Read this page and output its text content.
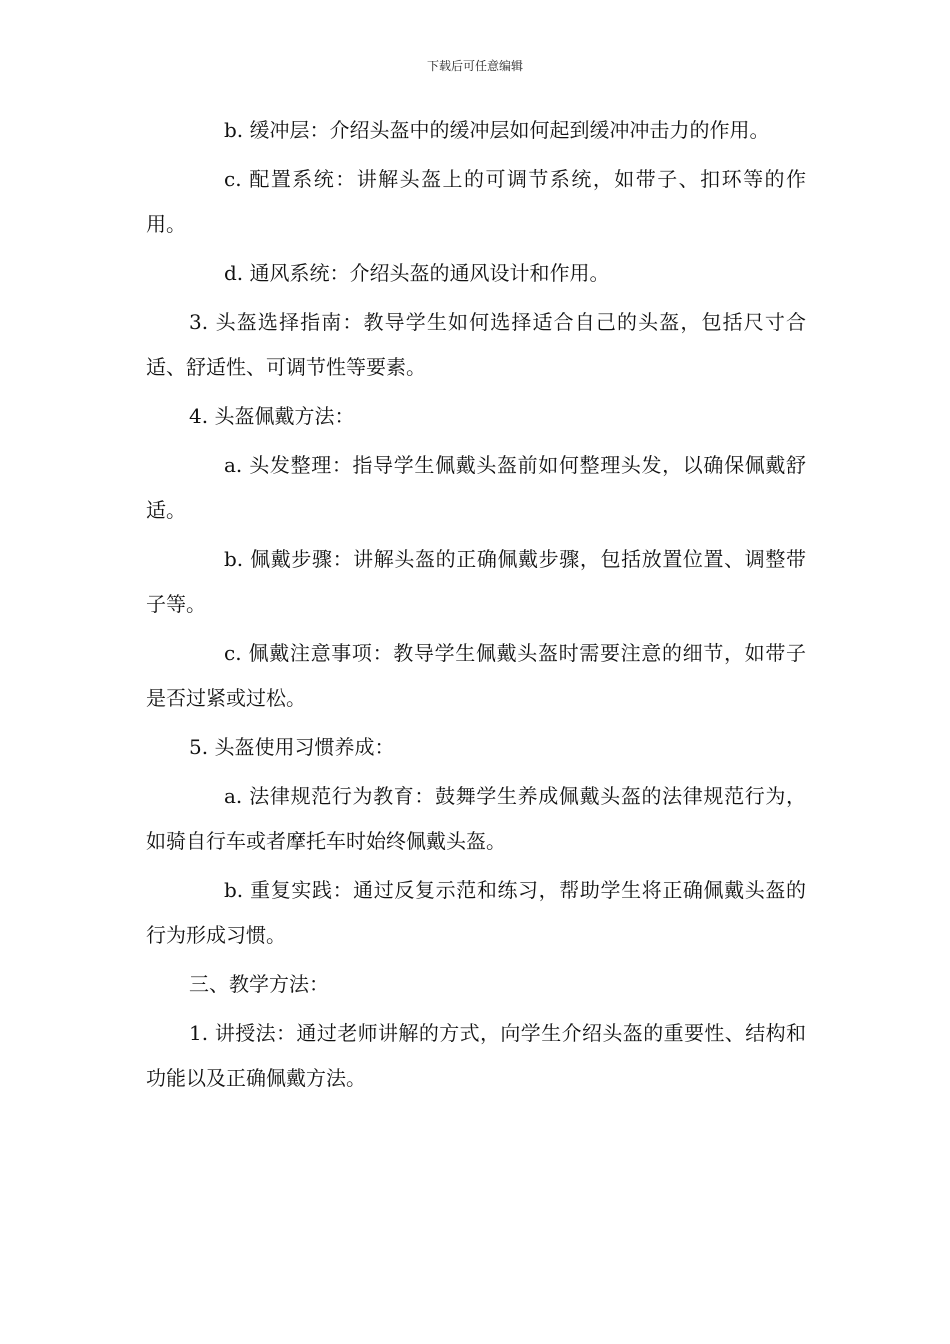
下载后可任意编辑

b. 缓冲层：介绍头盔中的缓冲层如何起到缓冲冲击力的作用。

c. 配置系统：讲解头盔上的可调节系统，如带子、扣环等的作用。

d. 通风系统：介绍头盔的通风设计和作用。

3. 头盔选择指南：教导学生如何选择适合自己的头盔，包括尺寸合适、舒适性、可调节性等要素。

4. 头盔佩戴方法：

a. 头发整理：指导学生佩戴头盔前如何整理头发，以确保佩戴舒适。

b. 佩戴步骤：讲解头盔的正确佩戴步骤，包括放置位置、调整带子等。

c. 佩戴注意事项：教导学生佩戴头盔时需要注意的细节，如带子是否过紧或过松。

5. 头盔使用习惯养成：

a. 法律规范行为教育：鼓舞学生养成佩戴头盔的法律规范行为，如骑自行车或者摩托车时始终佩戴头盔。

b. 重复实践：通过反复示范和练习，帮助学生将正确佩戴头盔的行为形成习惯。

三、教学方法：

1. 讲授法：通过老师讲解的方式，向学生介绍头盔的重要性、结构和功能以及正确佩戴方法。
